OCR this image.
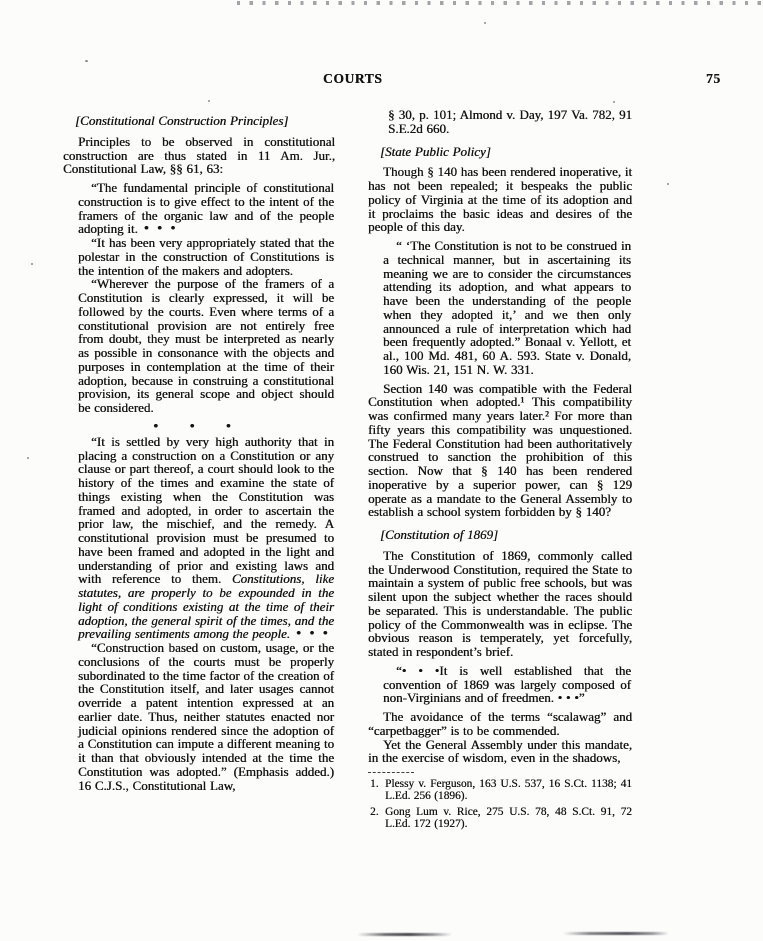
COURTS	75

[Constitutional Construction Principles]

Principles to be observed in constitutional construction are thus stated in 11 Am. Jur., Constitutional Law, §§ 61, 63:

“The fundamental principle of constitutional construction is to give effect to the intent of the framers of the organic law and of the people adopting it. • • •

“It has been very appropriately stated that the polestar in the construction of Constitutions is the intention of the makers and adopters.

“Wherever the purpose of the framers of a Constitution is clearly expressed, it will be followed by the courts. Even where terms of a constitutional provision are not entirely free from doubt, they must be interpreted as nearly as possible in consonance with the objects and purposes in contemplation at the time of their adoption, because in construing a constitutional provision, its general scope and object should be considered.

• • •

“It is settled by very high authority that in placing a construction on a Constitution or any clause or part thereof, a court should look to the history of the times and examine the state of things existing when the Constitution was framed and adopted, in order to ascertain the prior law, the mischief, and the remedy. A constitutional provision must be presumed to have been framed and adopted in the light and understanding of prior and existing laws and with reference to them. Constitutions, like statutes, are properly to be expounded in the light of conditions existing at the time of their adoption, the general spirit of the times, and the prevailing sentiments among the people. • • •

“Construction based on custom, usage, or the conclusions of the courts must be properly subordinated to the time factor of the creation of the Constitution itself, and later usages cannot override a patent intention expressed at an earlier date. Thus, neither statutes enacted nor judicial opinions rendered since the adoption of a Constitution can impute a different meaning to it than that obviously intended at the time the Constitution was adopted.” (Emphasis added.) 16 C.J.S., Constitutional Law,

§ 30, p. 101; Almond v. Day, 197 Va. 782, 91 S.E.2d 660.

[State Public Policy]

Though § 140 has been rendered inoperative, it has not been repealed; it bespeaks the public policy of Virginia at the time of its adoption and it proclaims the basic ideas and desires of the people of this day.

“ ‘The Constitution is not to be construed in a technical manner, but in ascertaining its meaning we are to consider the circumstances attending its adoption, and what appears to have been the understanding of the people when they adopted it,’ and we then only announced a rule of interpretation which had been frequently adopted.” Bonaal v. Yellott, et al., 100 Md. 481, 60 A. 593. State v. Donald, 160 Wis. 21, 151 N. W. 331.

Section 140 was compatible with the Federal Constitution when adopted.¹ This compatibility was confirmed many years later.² For more than fifty years this compatibility was unquestioned. The Federal Constitution had been authoritatively construed to sanction the prohibition of this section. Now that § 140 has been rendered inoperative by a superior power, can § 129 operate as a mandate to the General Assembly to establish a school system forbidden by § 140?

[Constitution of 1869]

The Constitution of 1869, commonly called the Underwood Constitution, required the State to maintain a system of public free schools, but was silent upon the subject whether the races should be separated. This is understandable. The public policy of the Commonwealth was in eclipse. The obvious reason is temperately, yet forcefully, stated in respondent’s brief.

“• • •It is well established that the convention of 1869 was largely composed of non-Virginians and of freedmen. • • •”

The avoidance of the terms “scalawag” and “carpetbagger” is to be commended.

Yet the General Assembly under this mandate, in the exercise of wisdom, even in the shadows,

1. Plessy v. Ferguson, 163 U.S. 537, 16 S.Ct. 1138; 41 L.Ed. 256 (1896).
2. Gong Lum v. Rice, 275 U.S. 78, 48 S.Ct. 91, 72 L.Ed. 172 (1927).
